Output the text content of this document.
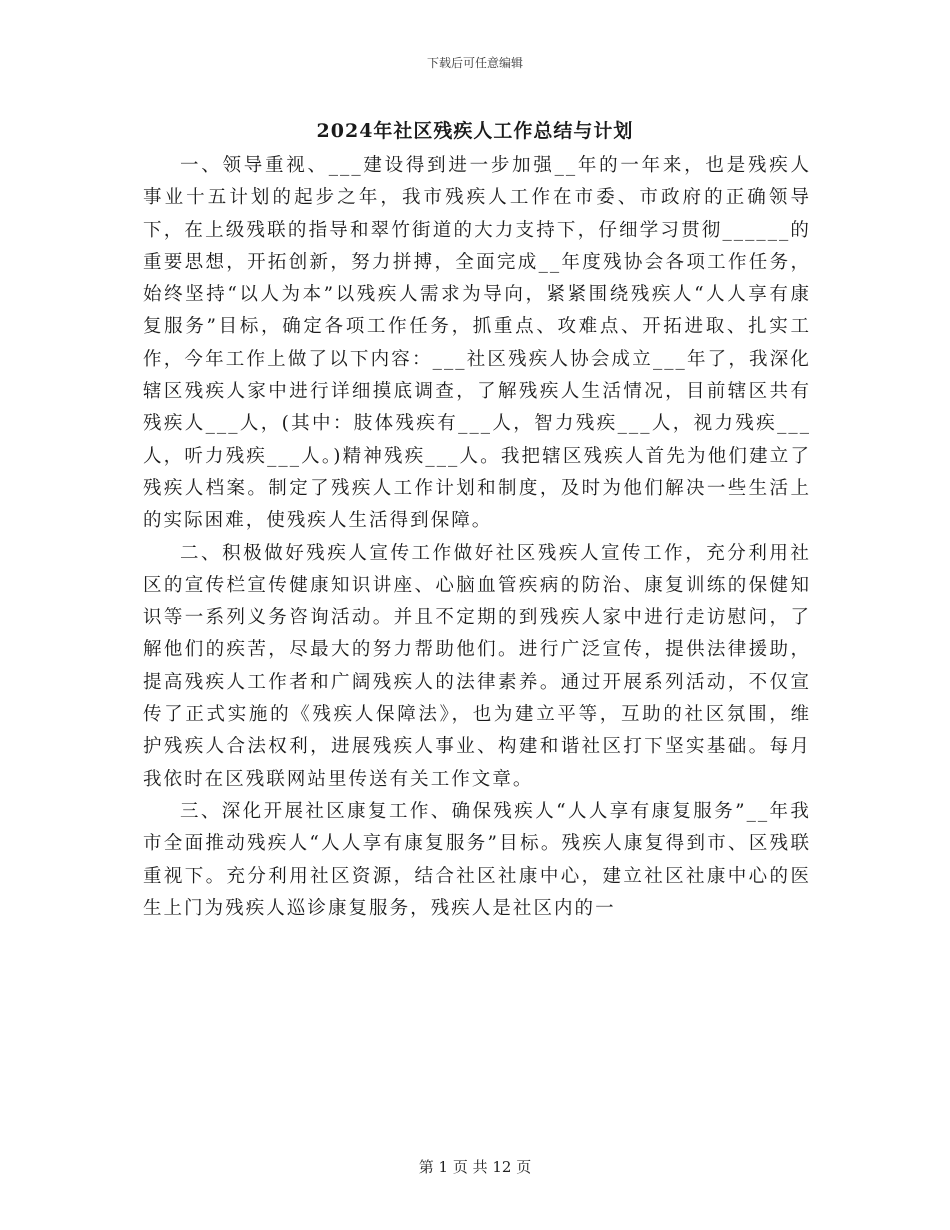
下载后可任意编辑
2024年社区残疾人工作总结与计划

一、领导重视、___建设得到进一步加强__年的一年来，也是残疾人事业十五计划的起步之年，我市残疾人工作在市委、市政府的正确领导下，在上级残联的指导和翠竹街道的大力支持下，仔细学习贯彻______的重要思想，开拓创新，努力拼搏，全面完成__年度残协会各项工作任务，始终坚持“以人为本”以残疾人需求为导向，紧紧围绕残疾人“人人享有康复服务”目标，确定各项工作任务，抓重点、攻难点、开拓进取、扎实工作，今年工作上做了以下内容：___社区残疾人协会成立___年了，我深化辖区残疾人家中进行详细摸底调查，了解残疾人生活情况，目前辖区共有残疾人___人，(其中：肢体残疾有___人，智力残疾___人，视力残疾___人，听力残疾___人。)精神残疾___人。我把辖区残疾人首先为他们建立了残疾人档案。制定了残疾人工作计划和制度，及时为他们解决一些生活上的实际困难，使残疾人生活得到保障。

二、积极做好残疾人宣传工作做好社区残疾人宣传工作，充分利用社区的宣传栏宣传健康知识讲座、心脑血管疾病的防治、康复训练的保健知识等一系列义务咨询活动。并且不定期的到残疾人家中进行走访慰问，了解他们的疾苦，尽最大的努力帮助他们。进行广泛宣传，提供法律援助，提高残疾人工作者和广阔残疾人的法律素养。通过开展系列活动，不仅宣传了正式实施的《残疾人保障法》，也为建立平等，互助的社区氛围，维护残疾人合法权利，进展残疾人事业、构建和谐社区打下坚实基础。每月我依时在区残联网站里传送有关工作文章。

三、深化开展社区康复工作、确保残疾人“人人享有康复服务”__年我市全面推动残疾人“人人享有康复服务”目标。残疾人康复得到市、区残联重视下。充分利用社区资源，结合社区社康中心，建立社区社康中心的医生上门为残疾人巡诊康复服务，残疾人是社区内的一

第 1 页 共 12 页
